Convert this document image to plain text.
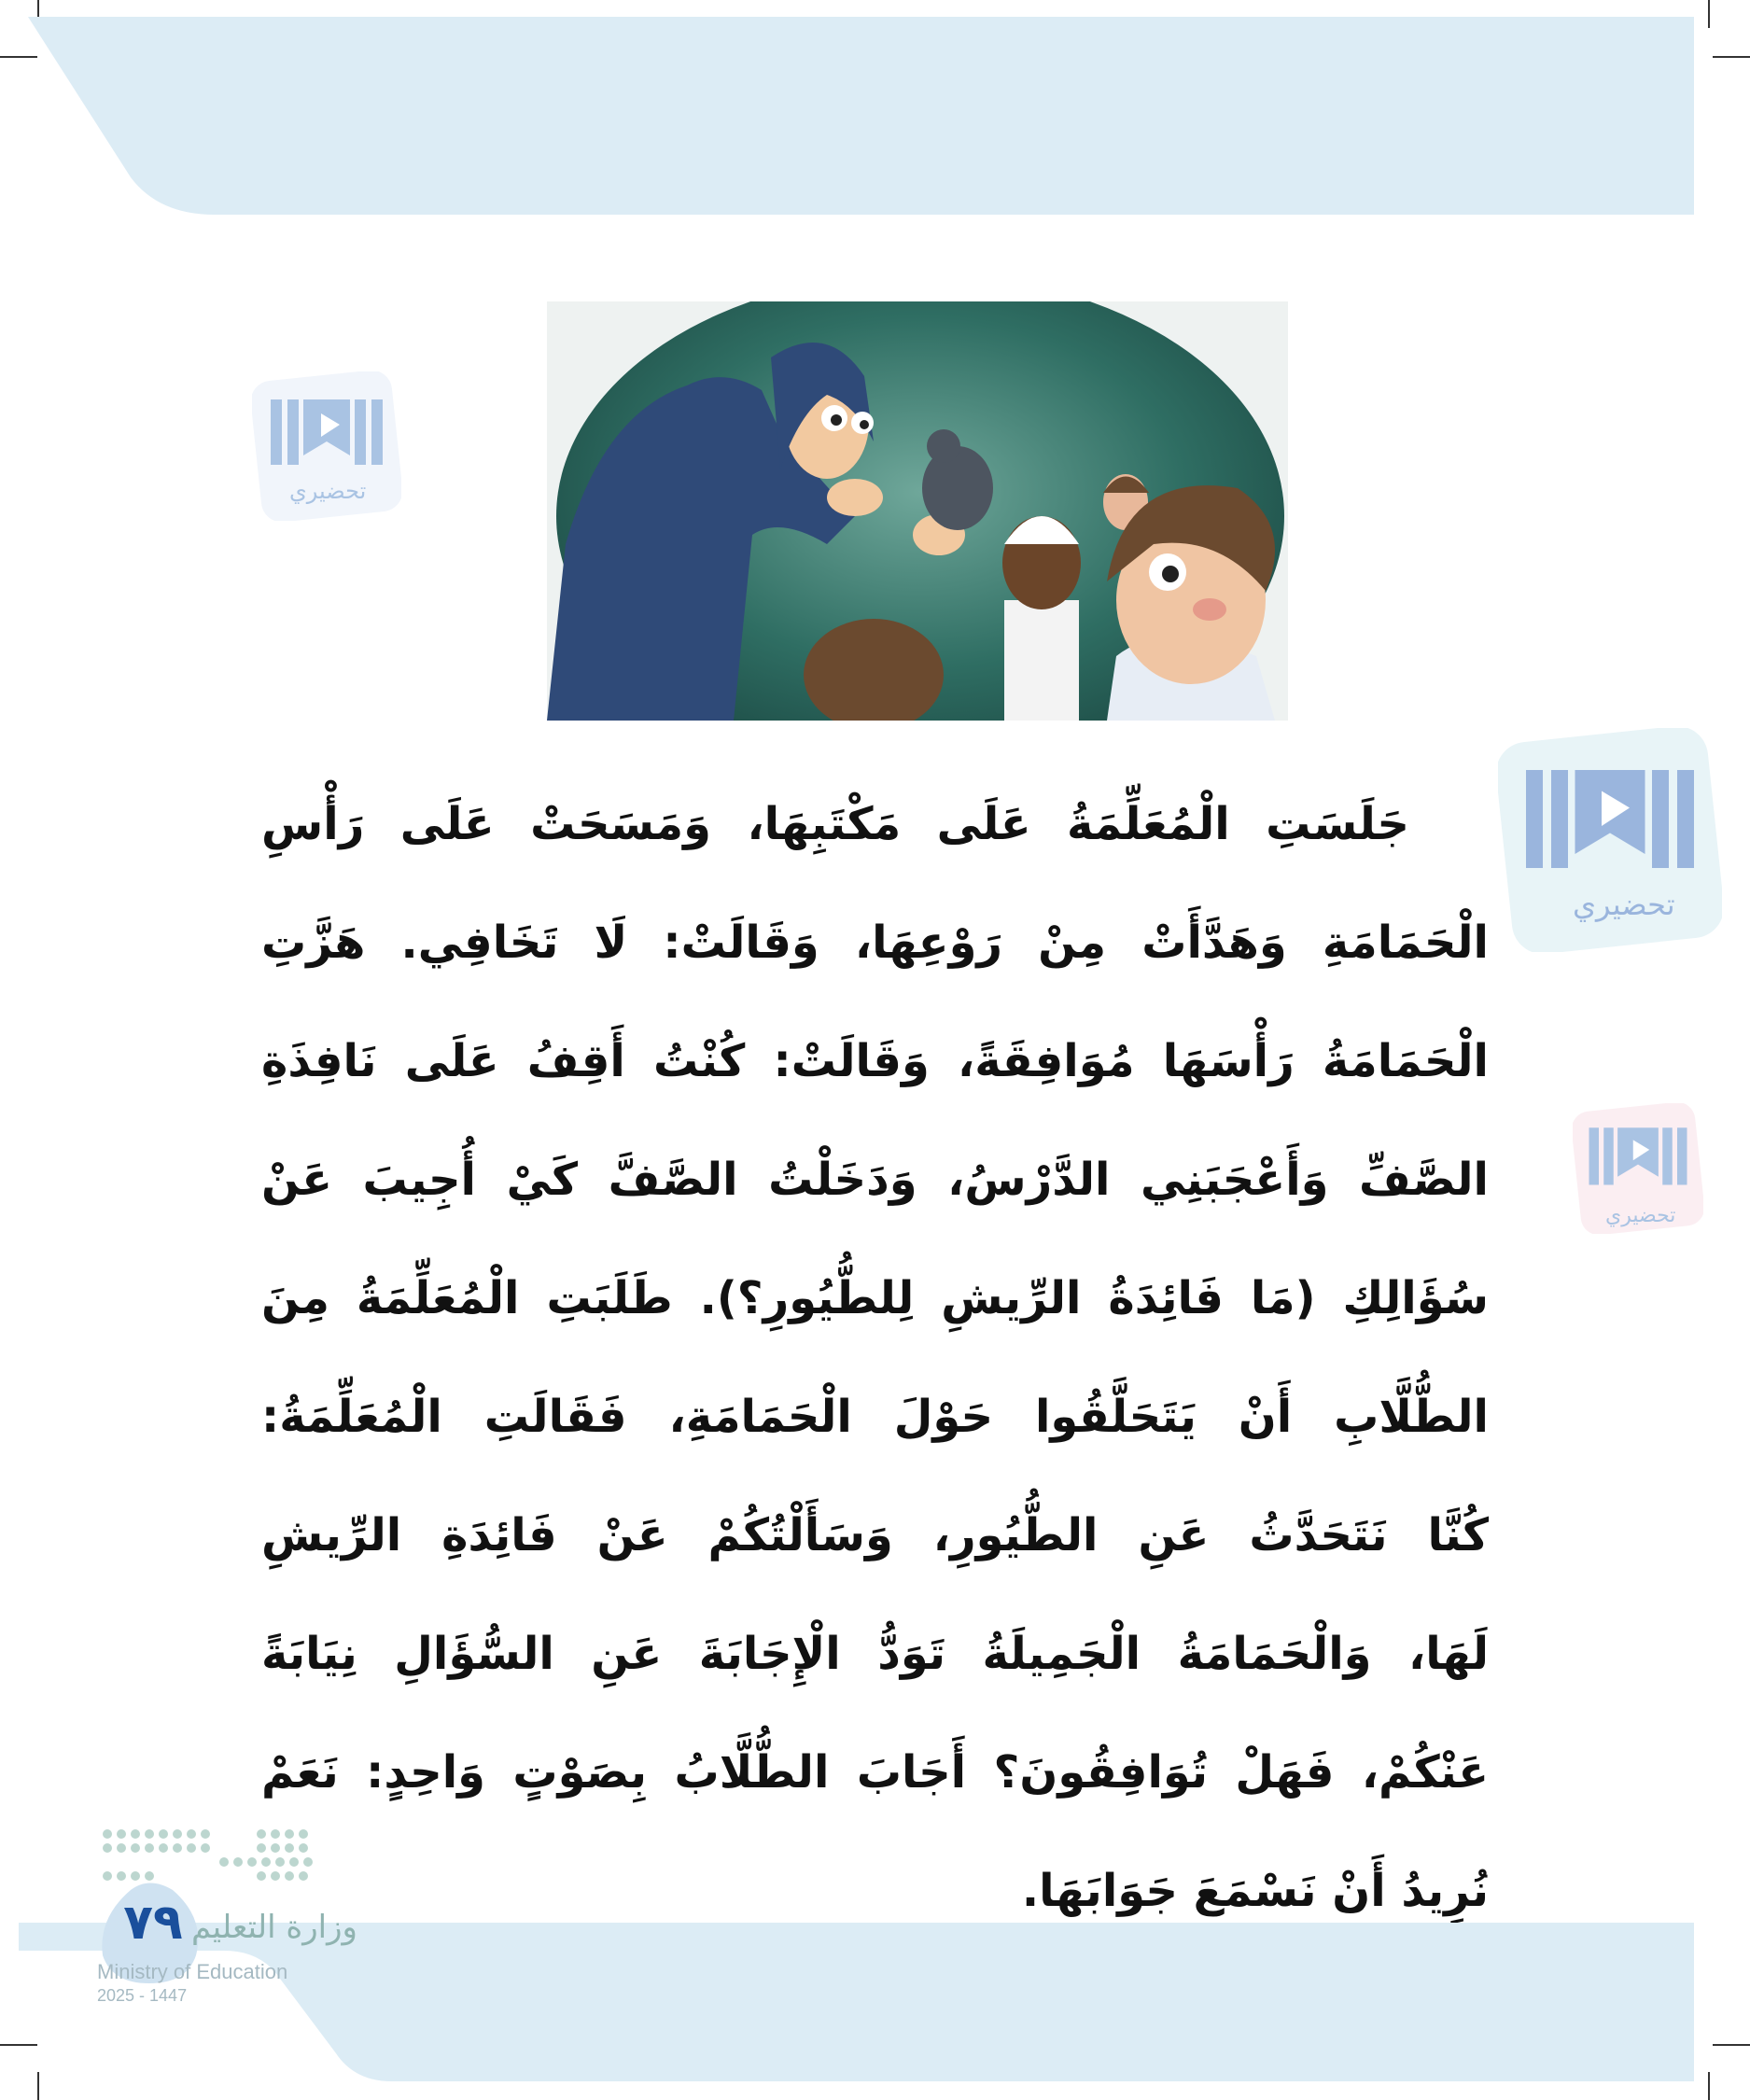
تحضيري
تحضيري
تحضيري
جَلَسَتِ الْمُعَلِّمَةُ عَلَى مَكْتَبِهَا، وَمَسَحَتْ عَلَى رَأْسِ
الْحَمَامَةِ وَهَدَّأَتْ مِنْ رَوْعِهَا، وَقَالَتْ: لَا تَخَافِي. هَزَّتِ
الْحَمَامَةُ رَأْسَهَا مُوَافِقَةً، وَقَالَتْ: كُنْتُ أَقِفُ عَلَى نَافِذَةِ
الصَّفِّ وَأَعْجَبَنِي الدَّرْسُ، وَدَخَلْتُ الصَّفَّ كَيْ أُجِيبَ عَنْ
سُؤَالِكِ (مَا فَائِدَةُ الرِّيشِ لِلطُّيُورِ؟). طَلَبَتِ الْمُعَلِّمَةُ مِنَ
الطُّلَّابِ أَنْ يَتَحَلَّقُوا حَوْلَ الْحَمَامَةِ، فَقَالَتِ الْمُعَلِّمَةُ:
كُنَّا نَتَحَدَّثُ عَنِ الطُّيُورِ، وَسَأَلْتُكُمْ عَنْ فَائِدَةِ الرِّيشِ
لَهَا، وَالْحَمَامَةُ الْجَمِيلَةُ تَوَدُّ الْإِجَابَةَ عَنِ السُّؤَالِ نِيَابَةً
عَنْكُمْ، فَهَلْ تُوَافِقُونَ؟ أَجَابَ الطُّلَّابُ بِصَوْتٍ وَاحِدٍ: نَعَمْ
نُرِيدُ أَنْ نَسْمَعَ جَوَابَهَا.
٧٩ وزارة التعليم
Ministry of Education
2025 - 1447
